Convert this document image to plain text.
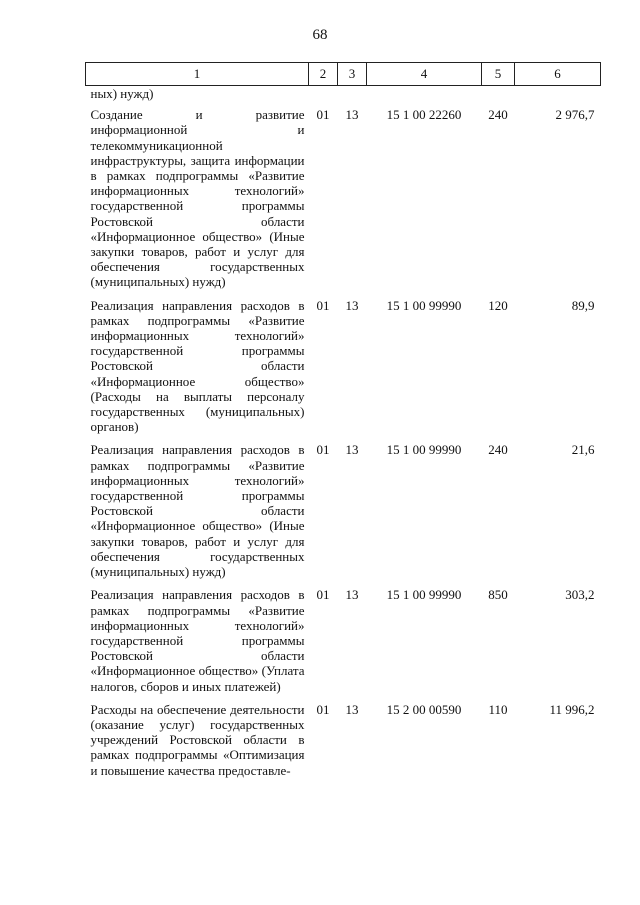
68
1	2	3	4	5	6
ных) нужд)					
Создание и развитие информационной и телекоммуникационной инфраструктуры, защита информации в рамках подпрограммы «Развитие информационных технологий» государственной программы Ростовской области «Информационное общество» (Иные закупки товаров, работ и услуг для обеспечения государственных (муниципальных) нужд)	01	13	15 1 00 22260	240	2 976,7
Реализация направления расходов в рамках подпрограммы «Развитие информационных технологий» государственной программы Ростовской области «Информационное общество» (Расходы на выплаты персоналу государственных (муниципальных) органов)	01	13	15 1 00 99990	120	89,9
Реализация направления расходов в рамках подпрограммы «Развитие информационных технологий» государственной программы Ростовской области «Информационное общество» (Иные закупки товаров, работ и услуг для обеспечения государственных (муниципальных) нужд)	01	13	15 1 00 99990	240	21,6
Реализация направления расходов в рамках подпрограммы «Развитие информационных технологий» государственной программы Ростовской области «Информационное общество» (Уплата налогов, сборов и иных платежей)	01	13	15 1 00 99990	850	303,2
Расходы на обеспечение деятельности (оказание услуг) государственных учреждений Ростовской области в рамках подпрограммы «Оптимизация и повышение качества предоставле-	01	13	15 2 00 00590	110	11 996,2
